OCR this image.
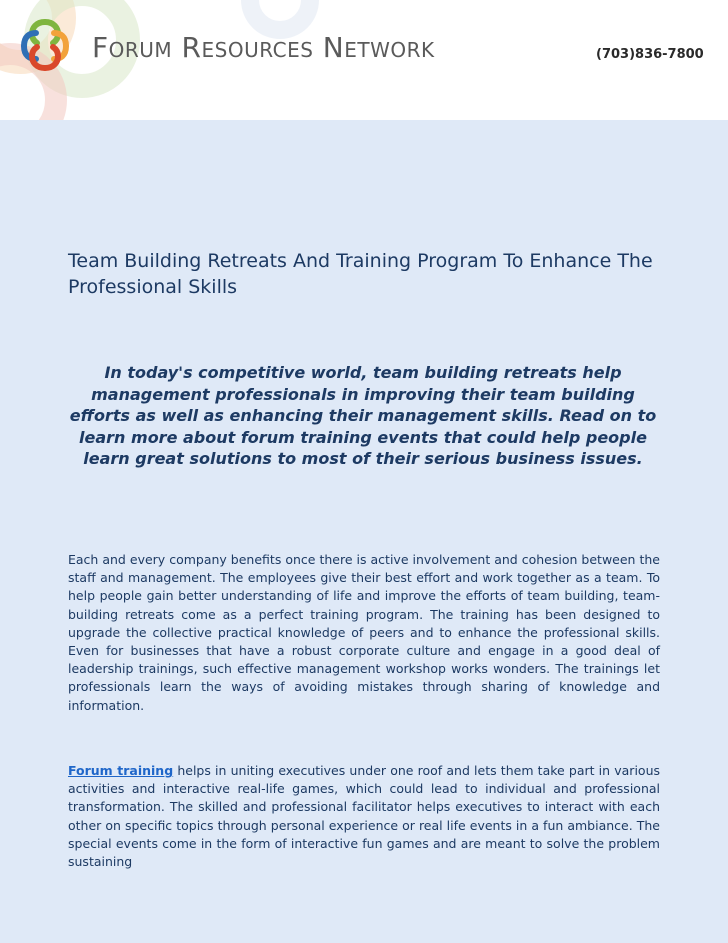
Forum Resources Network	(703)836-7800
Team Building Retreats And Training Program To Enhance The Professional Skills

In today's competitive world, team building retreats help management professionals in improving their team building efforts as well as enhancing their management skills. Read on to learn more about forum training events that could help people learn great solutions to most of their serious business issues.

Each and every company benefits once there is active involvement and cohesion between the staff and management. The employees give their best effort and work together as a team. To help people gain better understanding of life and improve the efforts of team building, team-building retreats come as a perfect training program. The training has been designed to upgrade the collective practical knowledge of peers and to enhance the professional skills. Even for businesses that have a robust corporate culture and engage in a good deal of leadership trainings, such effective management workshop works wonders. The trainings let professionals learn the ways of avoiding mistakes through sharing of knowledge and information.

Forum training helps in uniting executives under one roof and lets them take part in various activities and interactive real-life games, which could lead to individual and professional transformation. The skilled and professional facilitator helps executives to interact with each other on specific topics through personal experience or real life events in a fun ambiance. The special events come in the form of interactive fun games and are meant to solve the problem sustaining
